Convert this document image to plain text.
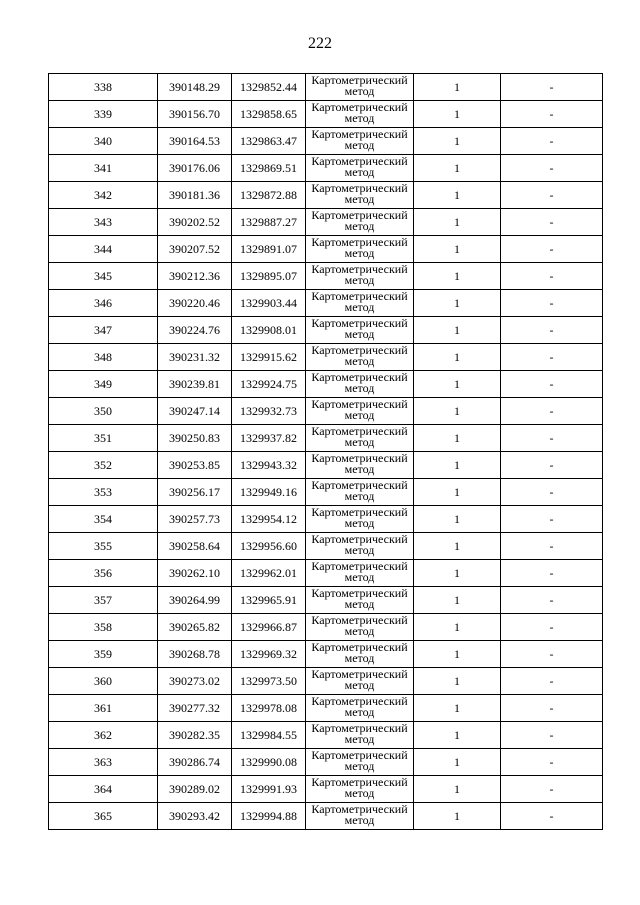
222
338	390148.29	1329852.44	Картометрический метод	1	-
339	390156.70	1329858.65	Картометрический метод	1	-
340	390164.53	1329863.47	Картометрический метод	1	-
341	390176.06	1329869.51	Картометрический метод	1	-
342	390181.36	1329872.88	Картометрический метод	1	-
343	390202.52	1329887.27	Картометрический метод	1	-
344	390207.52	1329891.07	Картометрический метод	1	-
345	390212.36	1329895.07	Картометрический метод	1	-
346	390220.46	1329903.44	Картометрический метод	1	-
347	390224.76	1329908.01	Картометрический метод	1	-
348	390231.32	1329915.62	Картометрический метод	1	-
349	390239.81	1329924.75	Картометрический метод	1	-
350	390247.14	1329932.73	Картометрический метод	1	-
351	390250.83	1329937.82	Картометрический метод	1	-
352	390253.85	1329943.32	Картометрический метод	1	-
353	390256.17	1329949.16	Картометрический метод	1	-
354	390257.73	1329954.12	Картометрический метод	1	-
355	390258.64	1329956.60	Картометрический метод	1	-
356	390262.10	1329962.01	Картометрический метод	1	-
357	390264.99	1329965.91	Картометрический метод	1	-
358	390265.82	1329966.87	Картометрический метод	1	-
359	390268.78	1329969.32	Картометрический метод	1	-
360	390273.02	1329973.50	Картометрический метод	1	-
361	390277.32	1329978.08	Картометрический метод	1	-
362	390282.35	1329984.55	Картометрический метод	1	-
363	390286.74	1329990.08	Картометрический метод	1	-
364	390289.02	1329991.93	Картометрический метод	1	-
365	390293.42	1329994.88	Картометрический метод	1	-
